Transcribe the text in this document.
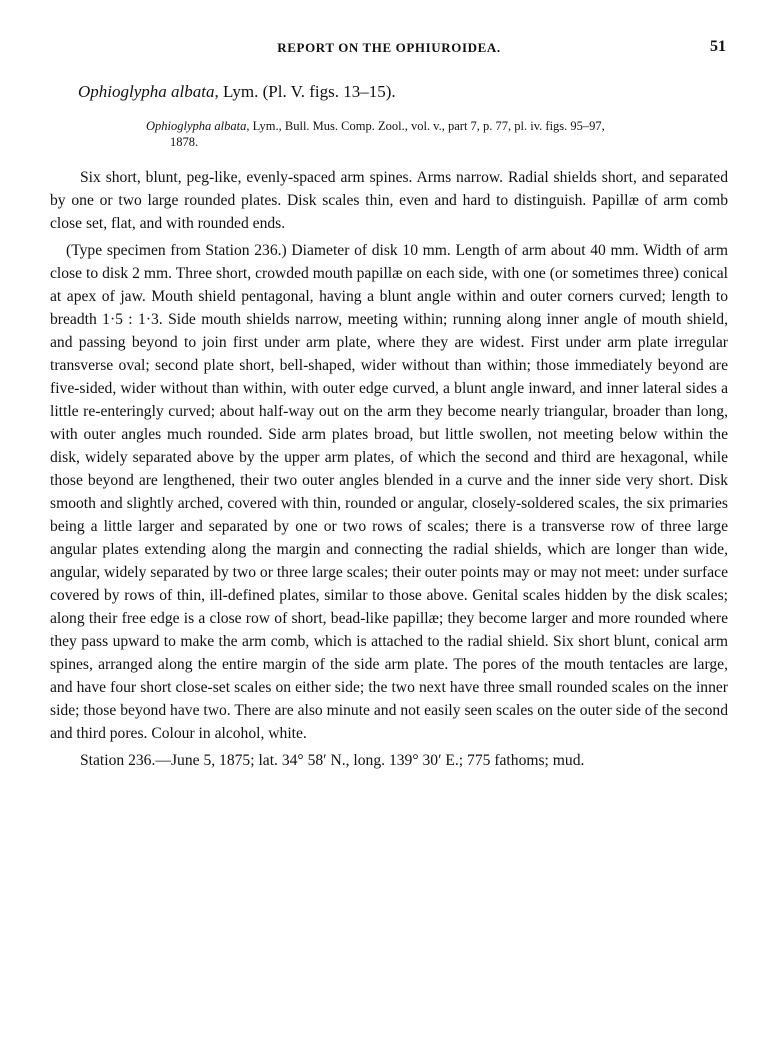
REPORT ON THE OPHIUROIDEA.	51
Ophioglypha albata, Lym. (Pl. V. figs. 13–15).
Ophioglypha albata, Lym., Bull. Mus. Comp. Zool., vol. v., part 7, p. 77, pl. iv. figs. 95–97,
1878.

Six short, blunt, peg-like, evenly-spaced arm spines. Arms narrow. Radial shields short, and separated by one or two large rounded plates. Disk scales thin, even and hard to distinguish. Papillæ of arm comb close set, flat, and with rounded ends.

(Type specimen from Station 236.) Diameter of disk 10 mm. Length of arm about 40 mm. Width of arm close to disk 2 mm. Three short, crowded mouth papillæ on each side, with one (or sometimes three) conical at apex of jaw. Mouth shield pentagonal, having a blunt angle within and outer corners curved; length to breadth 1·5 : 1·3. Side mouth shields narrow, meeting within; running along inner angle of mouth shield, and passing beyond to join first under arm plate, where they are widest. First under arm plate irregular transverse oval; second plate short, bell-shaped, wider without than within; those immediately beyond are five-sided, wider without than within, with outer edge curved, a blunt angle inward, and inner lateral sides a little re-enteringly curved; about half-way out on the arm they become nearly triangular, broader than long, with outer angles much rounded. Side arm plates broad, but little swollen, not meeting below within the disk, widely separated above by the upper arm plates, of which the second and third are hexagonal, while those beyond are lengthened, their two outer angles blended in a curve and the inner side very short. Disk smooth and slightly arched, covered with thin, rounded or angular, closely-soldered scales, the six primaries being a little larger and separated by one or two rows of scales; there is a transverse row of three large angular plates extending along the margin and connecting the radial shields, which are longer than wide, angular, widely separated by two or three large scales; their outer points may or may not meet: under surface covered by rows of thin, ill-defined plates, similar to those above. Genital scales hidden by the disk scales; along their free edge is a close row of short, bead-like papillæ; they become larger and more rounded where they pass upward to make the arm comb, which is attached to the radial shield. Six short blunt, conical arm spines, arranged along the entire margin of the side arm plate. The pores of the mouth tentacles are large, and have four short close-set scales on either side; the two next have three small rounded scales on the inner side; those beyond have two. There are also minute and not easily seen scales on the outer side of the second and third pores. Colour in alcohol, white.

Station 236.—June 5, 1875; lat. 34° 58′ N., long. 139° 30′ E.; 775 fathoms; mud.
